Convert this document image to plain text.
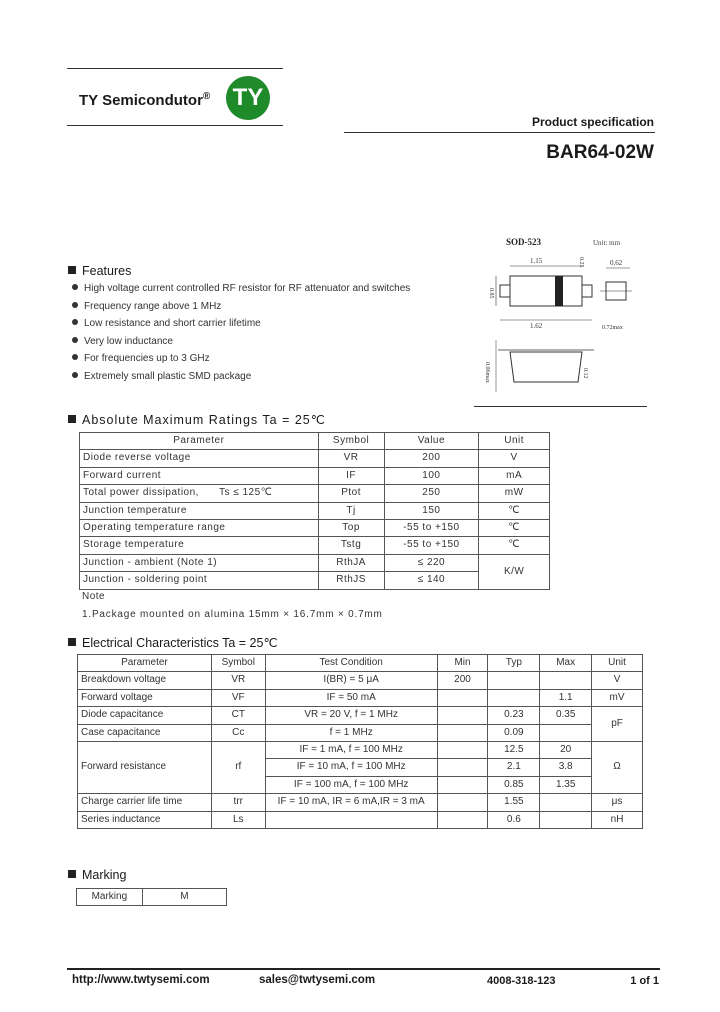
TY Semicondutor® TY
Product specification
BAR64-02W
SOD-523	Unit: mm
1.15	0.25
0.85
1.62
0.62
0.72max
0.06max	0.12
Features
High voltage current controlled RF resistor for RF attenuator and switches
Frequency range above 1 MHz
Low resistance and short carrier lifetime
Very low inductance
For frequencies up to 3 GHz
Extremely small plastic SMD package
Absolute Maximum Ratings Ta = 25℃
Parameter	Symbol	Value	Unit
Diode reverse voltage	VR	200	V
Forward current	IF	100	mA
Total power dissipation, Ts ≤ 125℃	Ptot	250	mW
Junction temperature	Tj	150	℃
Operating temperature range	Top	-55 to +150	℃
Storage temperature	Tstg	-55 to +150	℃
Junction - ambient (Note 1)	RthJA	≤ 220	K/W
Junction - soldering point	RthJS	≤ 140	
Note
1.Package mounted on alumina 15mm × 16.7mm × 0.7mm
Electrical Characteristics Ta = 25℃
Parameter	Symbol	Test Condition	Min	Typ	Max	Unit
Breakdown voltage	VR	I(BR) = 5 μA	200			V
Forward voltage	VF	IF = 50 mA			1.1	mV
Diode capacitance	CT	VR = 20 V, f = 1 MHz		0.23	0.35	pF
Case capacitance	Cc	f = 1 MHz		0.09		
Forward resistance	rf	IF = 1 mA, f = 100 MHz		12.5	20	Ω
		IF = 10 mA, f = 100 MHz		2.1	3.8	
		IF = 100 mA, f = 100 MHz		0.85	1.35	
Charge carrier life time	trr	IF = 10 mA, IR = 6 mA,IR = 3 mA		1.55		μs
Series inductance	Ls			0.6		nH
Marking
Marking	M
http://www.twtysemi.com	sales@twtysemi.com	4008-318-123	1 of 1
